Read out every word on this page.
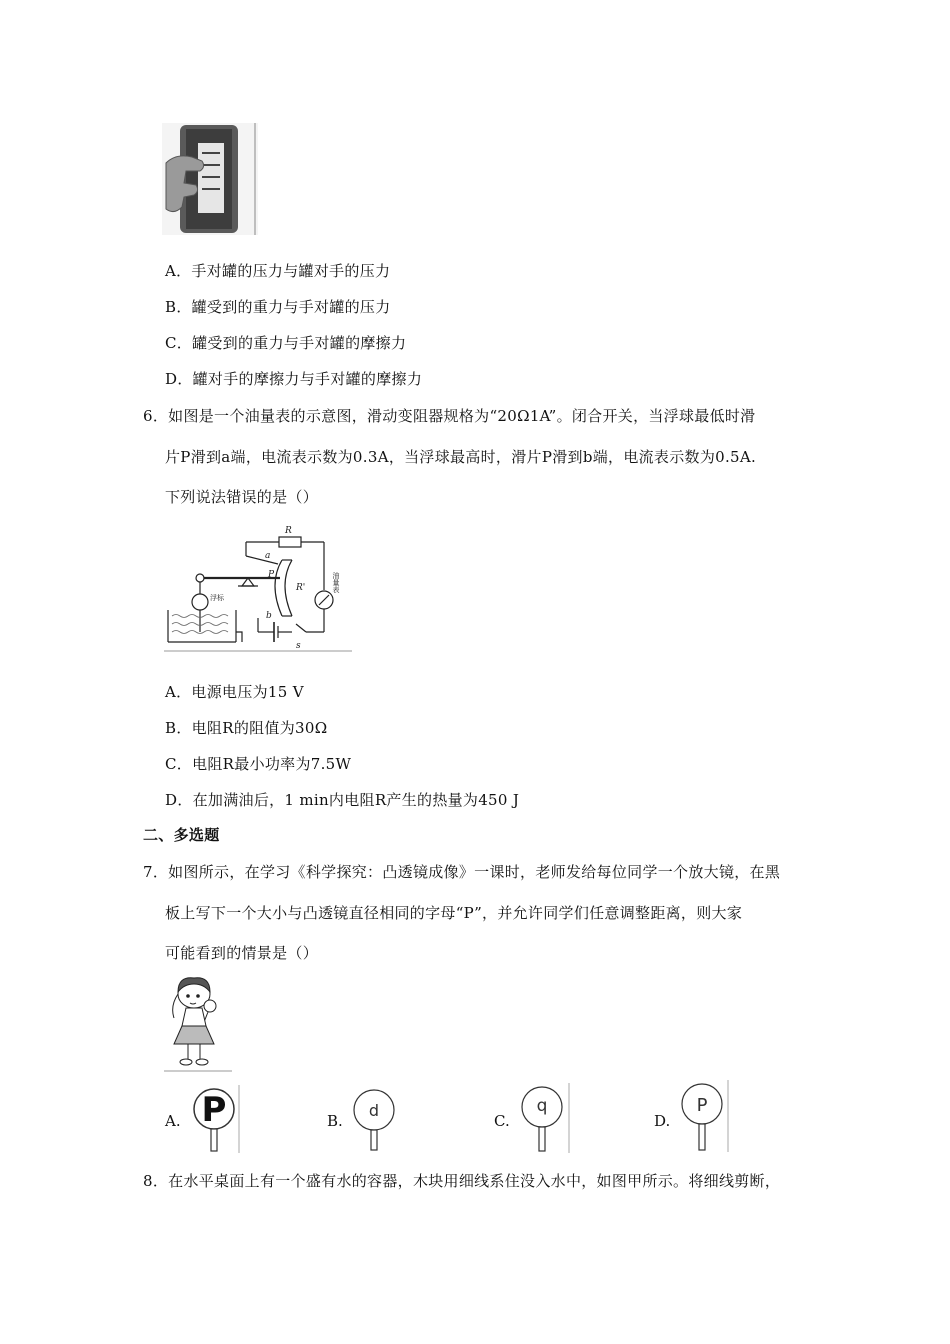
A．手对罐的压力与罐对手的压力
B．罐受到的重力与手对罐的压力
C．罐受到的重力与手对罐的摩擦力
D．罐对手的摩擦力与手对罐的摩擦力
6．如图是一个油量表的示意图，滑动变阻器规格为“20Ω1A”。闭合开关，当浮球最低时滑
片P滑到a端，电流表示数为0.3A，当浮球最高时，滑片P滑到b端，电流表示数为0.5A.
下列说法错误的是（）
R
a
P
b
R'
s
浮标
油量表
A．电源电压为15 V
B．电阻R的阻值为30Ω
C．电阻R最小功率为7.5W
D．在加满油后，1 min内电阻R产生的热量为450 J
二、多选题
7．如图所示，在学习《科学探究：凸透镜成像》一课时，老师发给每位同学一个放大镜，在黑
板上写下一个大小与凸透镜直径相同的字母“P”，并允许同学们任意调整距离，则大家
可能看到的情景是（）
A. P	B.
d
C.
q
D.
P
8．在水平桌面上有一个盛有水的容器，木块用细线系住没入水中，如图甲所示。将细线剪断，
